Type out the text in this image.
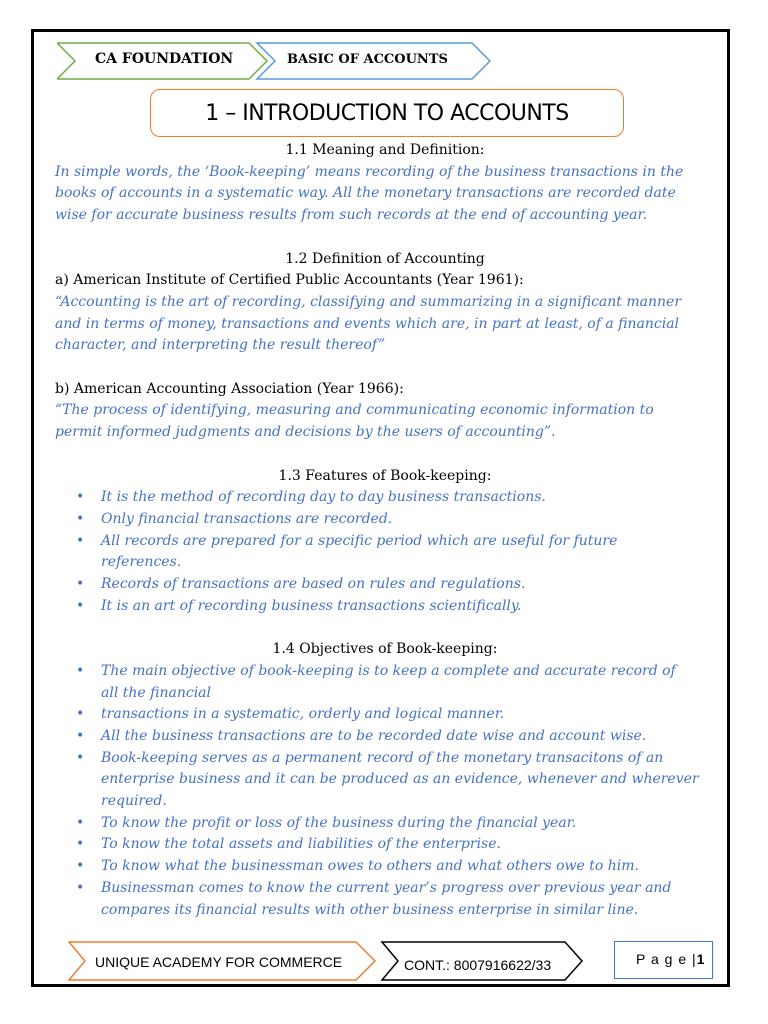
CA FOUNDATION	BASIC OF ACCOUNTS
1 – INTRODUCTION TO ACCOUNTS
1.1 Meaning and Definition:
In simple words, the ‘Book-keeping’ means recording of the business transactions in the
books of accounts in a systematic way. All the monetary transactions are recorded date
wise for accurate business results from such records at the end of accounting year.
1.2 Definition of Accounting
a) American Institute of Certified Public Accountants (Year 1961):
“Accounting is the art of recording, classifying and summarizing in a significant manner
and in terms of money, transactions and events which are, in part at least, of a financial
character, and interpreting the result thereof”
b) American Accounting Association (Year 1966):
“The process of identifying, measuring and communicating economic information to
permit informed judgments and decisions by the users of accounting”.
1.3 Features of Book-keeping:
• It is the method of recording day to day business transactions.
• Only financial transactions are recorded.
• All records are prepared for a specific period which are useful for future
references.
• Records of transactions are based on rules and regulations.
• It is an art of recording business transactions scientifically.
1.4 Objectives of Book-keeping:
• The main objective of book-keeping is to keep a complete and accurate record of
all the financial
• transactions in a systematic, orderly and logical manner.
• All the business transactions are to be recorded date wise and account wise.
• Book-keeping serves as a permanent record of the monetary transacitons of an
enterprise business and it can be produced as an evidence, whenever and wherever
required.
• To know the profit or loss of the business during the financial year.
• To know the total assets and liabilities of the enterprise.
• To know what the businessman owes to others and what others owe to him.
• Businessman comes to know the current year’s progress over previous year and
compares its financial results with other business enterprise in similar line.
UNIQUE ACADEMY FOR COMMERCE	CONT.: 8007916622/33	P a g e |1
